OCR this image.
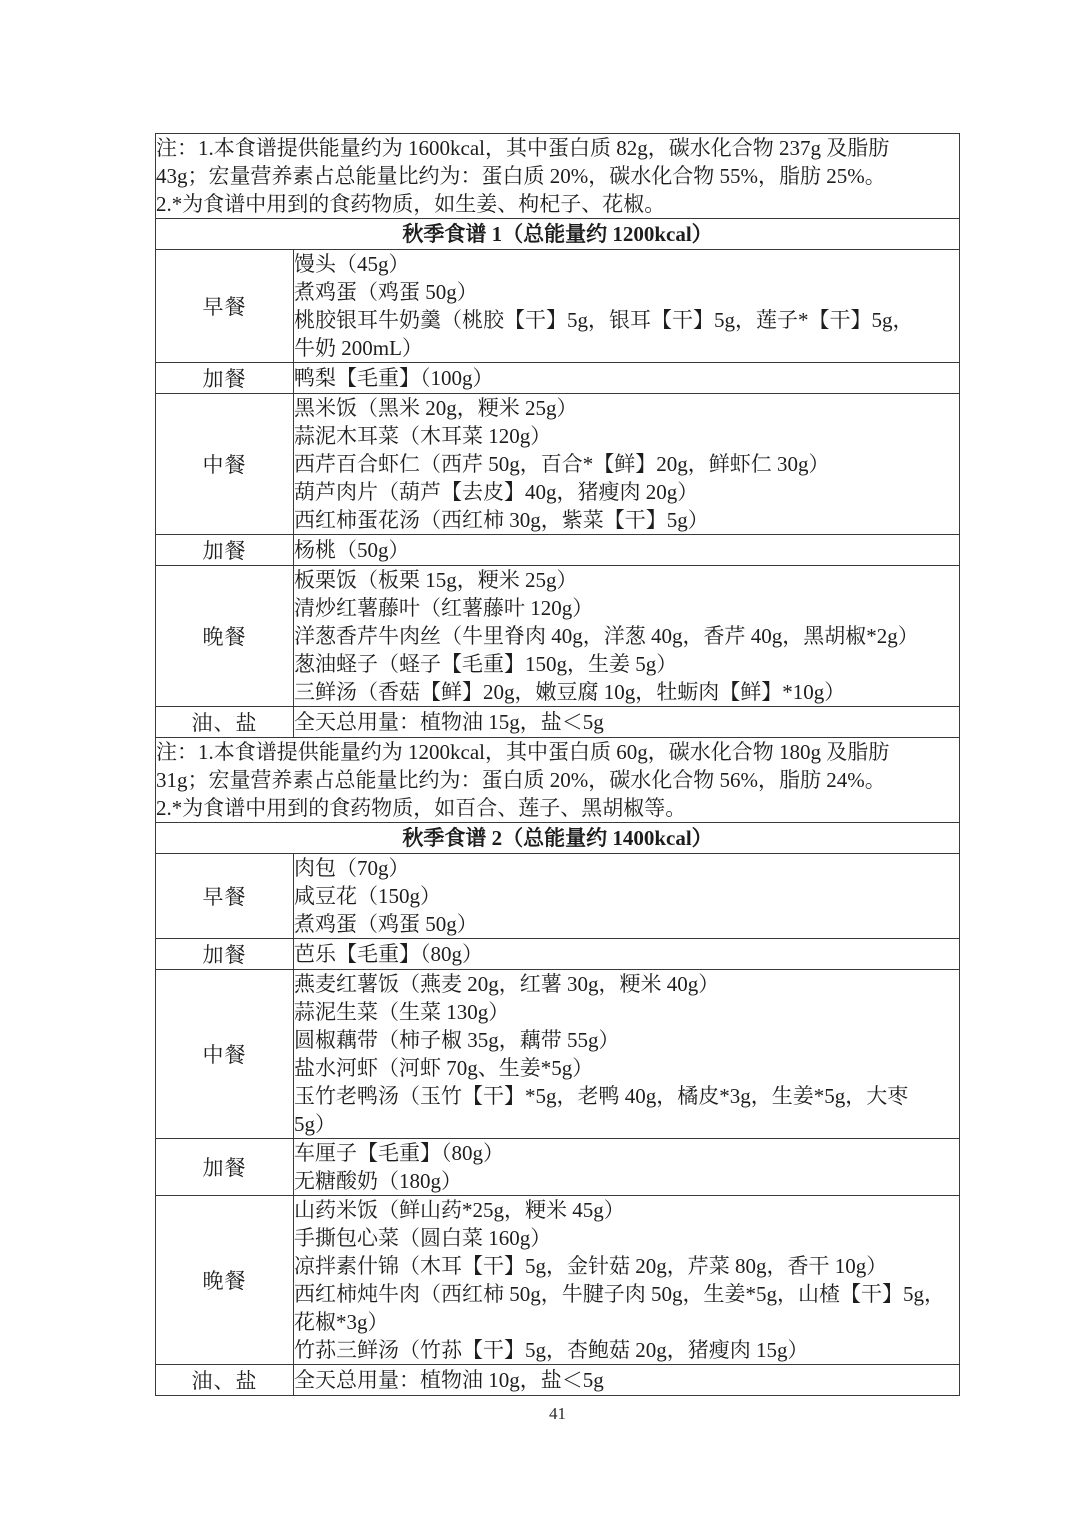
注：1.本食谱提供能量约为 1600kcal，其中蛋白质 82g，碳水化合物 237g 及脂肪
43g；宏量营养素占总能量比约为：蛋白质 20%，碳水化合物 55%，脂肪 25%。
2.*为食谱中用到的食药物质，如生姜、枸杞子、花椒。	

秋季食谱 1（总能量约 1200kcal）	
早餐	馒头（45g）
煮鸡蛋（鸡蛋 50g）
桃胶银耳牛奶羹（桃胶【干】5g，银耳【干】5g，莲子*【干】5g，
牛奶 200mL）

加餐	鸭梨【毛重】（100g）

中餐	黑米饭（黑米 20g，粳米 25g）
蒜泥木耳菜（木耳菜 120g）
西芹百合虾仁（西芹 50g，百合*【鲜】20g，鲜虾仁 30g）
葫芦肉片（葫芦【去皮】40g，猪瘦肉 20g）
西红柿蛋花汤（西红柿 30g，紫菜【干】5g）

加餐	杨桃（50g）

晚餐	板栗饭（板栗 15g，粳米 25g）
清炒红薯藤叶（红薯藤叶 120g）
洋葱香芹牛肉丝（牛里脊肉 40g，洋葱 40g，香芹 40g，黑胡椒*2g）
葱油蛏子（蛏子【毛重】150g，生姜 5g）
三鲜汤（香菇【鲜】20g，嫩豆腐 10g，牡蛎肉【鲜】*10g）

油、盐	全天总用量：植物油 15g，盐＜5g

注：1.本食谱提供能量约为 1200kcal，其中蛋白质 60g，碳水化合物 180g 及脂肪
31g；宏量营养素占总能量比约为：蛋白质 20%，碳水化合物 56%，脂肪 24%。
2.*为食谱中用到的食药物质，如百合、莲子、黑胡椒等。	

秋季食谱 2（总能量约 1400kcal）	
早餐	肉包（70g）
咸豆花（150g）
煮鸡蛋（鸡蛋 50g）

加餐	芭乐【毛重】（80g）

中餐	
燕麦红薯饭（燕麦 20g，红薯 30g，粳米 40g）
蒜泥生菜（生菜 130g）
圆椒藕带（柿子椒 35g，藕带 55g）
盐水河虾（河虾 70g、生姜*5g）
玉竹老鸭汤（玉竹【干】*5g，老鸭 40g，橘皮*3g，生姜*5g，大枣
5g）

加餐	车厘子【毛重】（80g）
无糖酸奶（180g）

晚餐	
山药米饭（鲜山药*25g，粳米 45g）
手撕包心菜（圆白菜 160g）
凉拌素什锦（木耳【干】5g，金针菇 20g，芹菜 80g，香干 10g）
西红柿炖牛肉（西红柿 50g，牛腱子肉 50g，生姜*5g，山楂【干】5g，
花椒*3g）
竹荪三鲜汤（竹荪【干】5g，杏鲍菇 20g，猪瘦肉 15g）

油、盐	全天总用量：植物油 10g，盐＜5g
41
